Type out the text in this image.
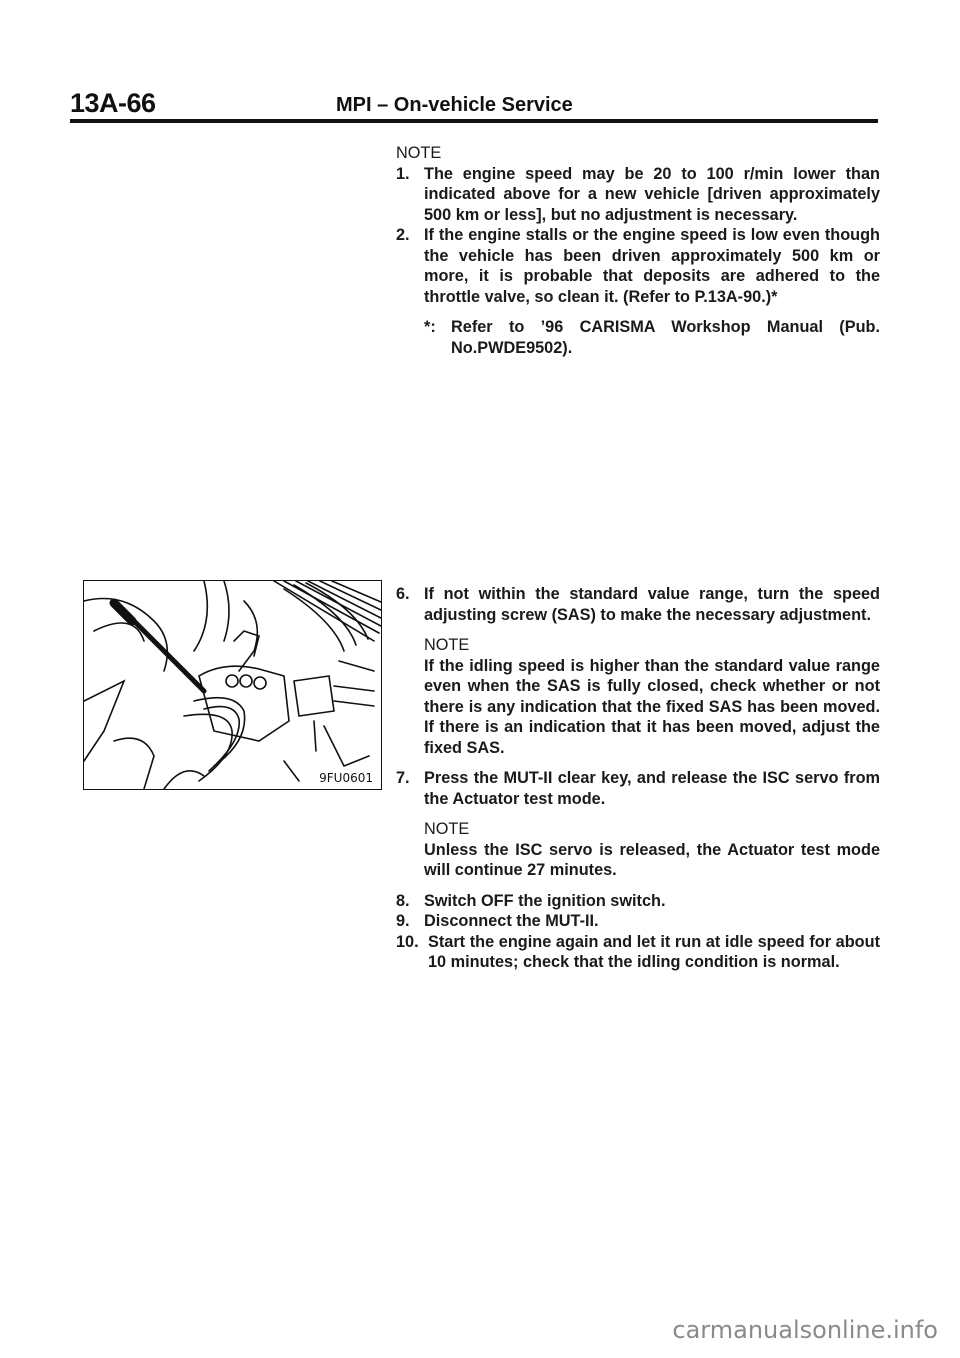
13A-66	MPI – On-vehicle Service

NOTE

1. The engine speed may be 20 to 100 r/min lower than indicated above for a new vehicle [driven approximately 500 km or less], but no adjustment is necessary.

2. If the engine stalls or the engine speed is low even though the vehicle has been driven approximately 500 km or more, it is probable that deposits are adhered to the throttle valve, so clean it. (Refer to P.13A-90.)*

*: Refer to ’96 CARISMA Workshop Manual (Pub. No.PWDE9502).

9FU0601
6. If not within the standard value range, turn the speed adjusting screw (SAS) to make the necessary adjustment.

NOTE

If the idling speed is higher than the standard value range even when the SAS is fully closed, check whether or not there is any indication that the fixed SAS has been moved. If there is an indication that it has been moved, adjust the fixed SAS.

7. Press the MUT-II clear key, and release the ISC servo from the Actuator test mode.

NOTE

Unless the ISC servo is released, the Actuator test mode will continue 27 minutes.

8. Switch OFF the ignition switch.

9. Disconnect the MUT-II.

10. Start the engine again and let it run at idle speed for about 10 minutes; check that the idling condition is normal.

carmanualsonline.info
